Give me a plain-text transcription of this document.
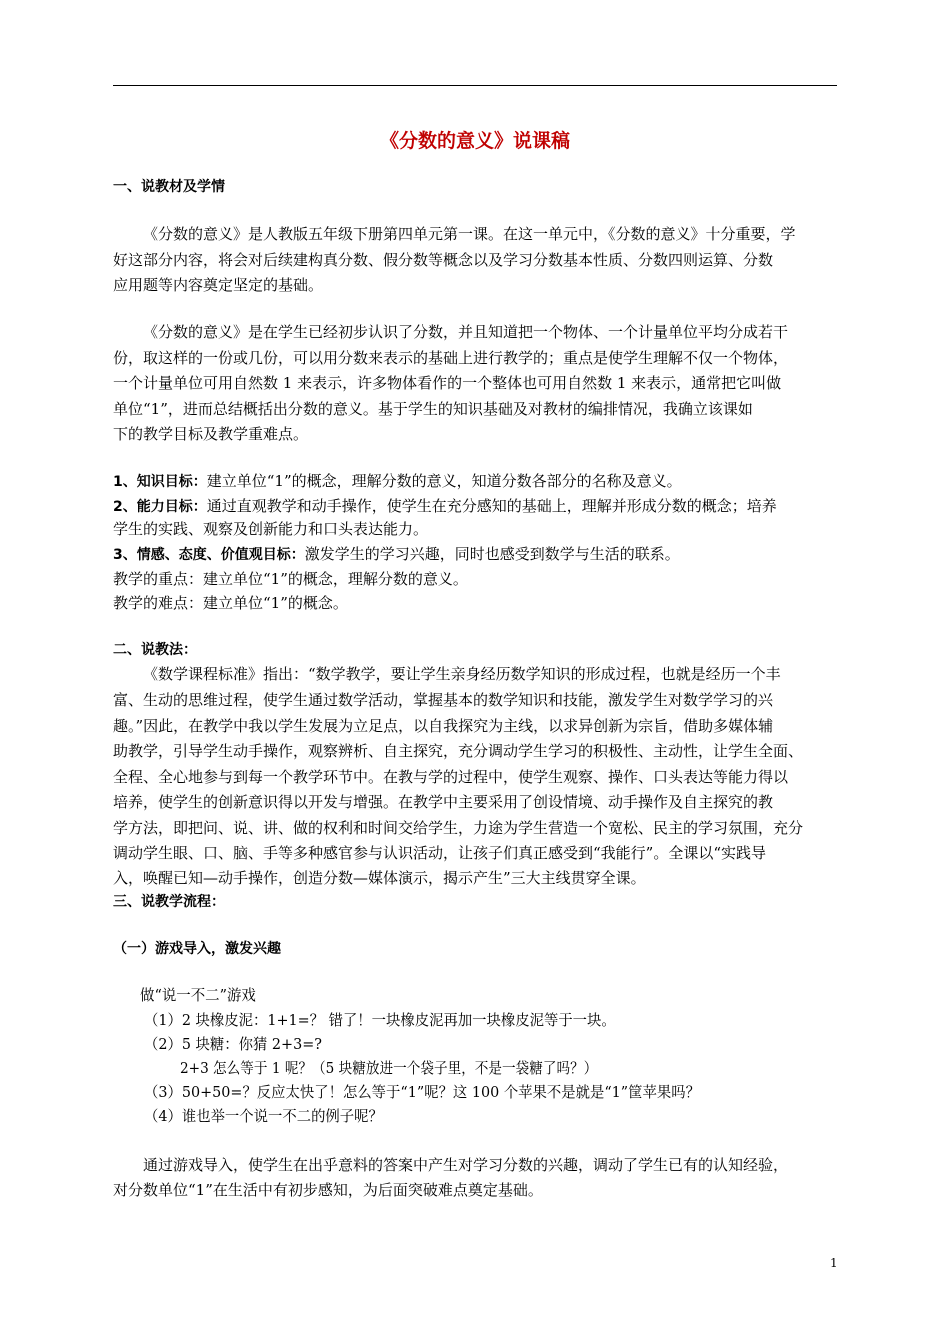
《分数的意义》说课稿
一、说教材及学情
《分数的意义》是人教版五年级下册第四单元第一课。在这一单元中，《分数的意义》十分重要，学
好这部分内容，将会对后续建构真分数、假分数等概念以及学习分数基本性质、分数四则运算、分数
应用题等内容奠定坚定的基础。
《分数的意义》是在学生已经初步认识了分数，并且知道把一个物体、一个计量单位平均分成若干
份，取这样的一份或几份，可以用分数来表示的基础上进行教学的；重点是使学生理解不仅一个物体，
一个计量单位可用自然数 1 来表示，许多物体看作的一个整体也可用自然数 1 来表示，通常把它叫做
单位“1”，进而总结概括出分数的意义。基于学生的知识基础及对教材的编排情况，我确立该课如
下的教学目标及教学重难点。
1、知识目标：建立单位“1”的概念，理解分数的意义，知道分数各部分的名称及意义。
2、能力目标：通过直观教学和动手操作，使学生在充分感知的基础上，理解并形成分数的概念；培养
学生的实践、观察及创新能力和口头表达能力。
3、情感、态度、价值观目标：激发学生的学习兴趣，同时也感受到数学与生活的联系。
教学的重点：建立单位“1”的概念，理解分数的意义。
教学的难点：建立单位“1”的概念。
二、说教法：
《数学课程标准》指出：“数学教学，要让学生亲身经历数学知识的形成过程，也就是经历一个丰
富、生动的思维过程，使学生通过数学活动，掌握基本的数学知识和技能，激发学生对数学学习的兴
趣。”因此，在教学中我以学生发展为立足点，以自我探究为主线，以求异创新为宗旨，借助多媒体辅
助教学，引导学生动手操作，观察辨析、自主探究，充分调动学生学习的积极性、主动性，让学生全面、
全程、全心地参与到每一个教学环节中。在教与学的过程中，使学生观察、操作、口头表达等能力得以
培养，使学生的创新意识得以开发与增强。在教学中主要采用了创设情境、动手操作及自主探究的教
学方法，即把问、说、讲、做的权利和时间交给学生，力途为学生营造一个宽松、民主的学习氛围，充分
调动学生眼、口、脑、手等多种感官参与认识活动，让孩子们真正感受到“我能行”。全课以“实践导
入，唤醒已知—动手操作，创造分数—媒体演示，揭示产生”三大主线贯穿全课。
三、说教学流程：
（一）游戏导入，激发兴趣
做“说一不二”游戏
（1）2 块橡皮泥：1+1=？ 错了！一块橡皮泥再加一块橡皮泥等于一块。
（2）5 块糖：你猜 2+3=?
2+3 怎么等于 1 呢？（5 块糖放进一个袋子里，不是一袋糖了吗？）
（3）50+50=？反应太快了！怎么等于“1”呢？这 100 个苹果不是就是“1”筐苹果吗？
（4）谁也举一个说一不二的例子呢？
通过游戏导入，使学生在出乎意料的答案中产生对学习分数的兴趣，调动了学生已有的认知经验，
对分数单位“1”在生活中有初步感知，为后面突破难点奠定基础。
1
